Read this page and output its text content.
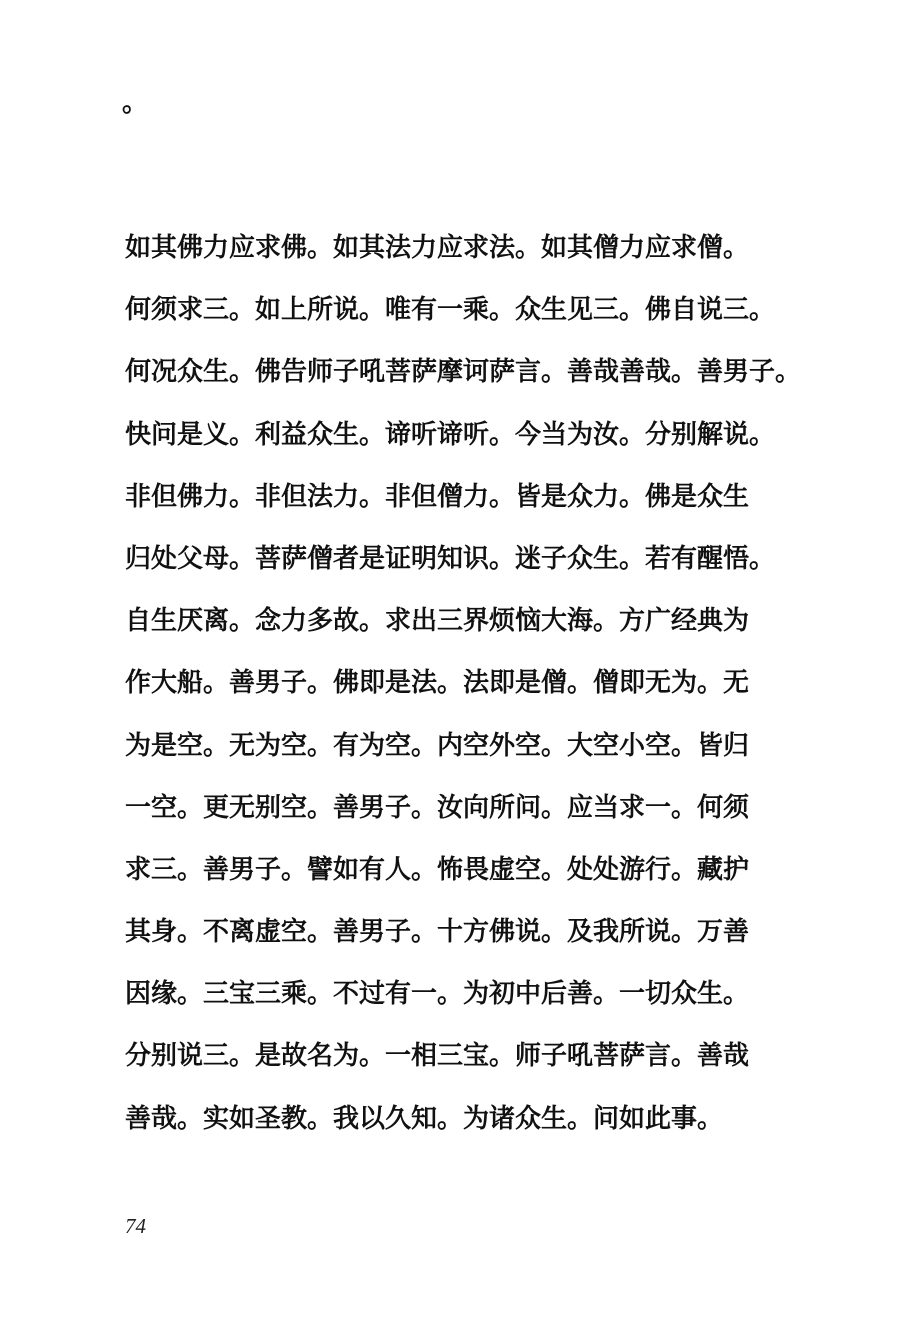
。
如其佛力应求佛。如其法力应求法。如其僧力应求僧。
何须求三。如上所说。唯有一乘。众生见三。佛自说三。
何况众生。佛告师子吼菩萨摩诃萨言。善哉善哉。善男子。
快问是义。利益众生。谛听谛听。今当为汝。分别解说。
非但佛力。非但法力。非但僧力。皆是众力。佛是众生
归处父母。菩萨僧者是证明知识。迷子众生。若有醒悟。
自生厌离。念力多故。求出三界烦恼大海。方广经典为
作大船。善男子。佛即是法。法即是僧。僧即无为。无
为是空。无为空。有为空。内空外空。大空小空。皆归
一空。更无别空。善男子。汝向所问。应当求一。何须
求三。善男子。譬如有人。怖畏虚空。处处游行。藏护
其身。不离虚空。善男子。十方佛说。及我所说。万善
因缘。三宝三乘。不过有一。为初中后善。一切众生。
分别说三。是故名为。一相三宝。师子吼菩萨言。善哉
善哉。实如圣教。我以久知。为诸众生。问如此事。
74
